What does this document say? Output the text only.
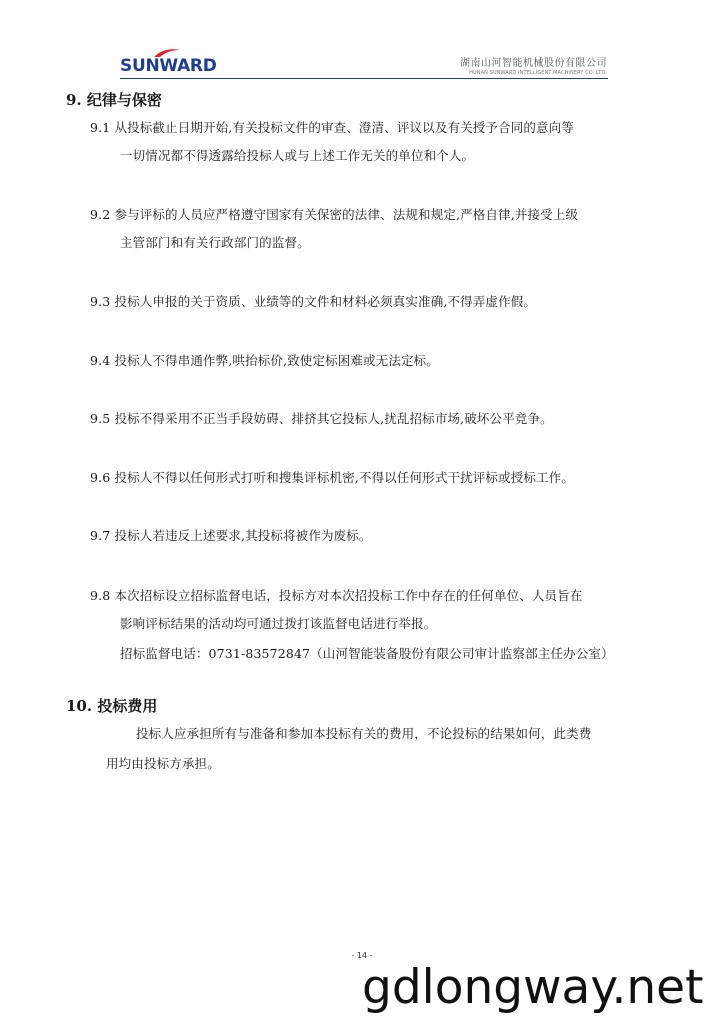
SUNWARD	湖南山河智能机械股份有限公司
HUNAN SUNWARD INTELLIGENT MACHINERY CO.,LTD.
9. 纪律与保密
9.1 从投标截止日期开始,有关投标文件的审查、澄清、评议以及有关授予合同的意向等
一切情况都不得透露给投标人或与上述工作无关的单位和个人。
9.2 参与评标的人员应严格遵守国家有关保密的法律、法规和规定,严格自律,并接受上级
主管部门和有关行政部门的监督。
9.3 投标人申报的关于资质、业绩等的文件和材料必须真实准确,不得弄虚作假。
9.4 投标人不得串通作弊,哄抬标价,致使定标困难或无法定标。
9.5 投标不得采用不正当手段妨碍、排挤其它投标人,扰乱招标市场,破坏公平竞争。
9.6 投标人不得以任何形式打听和搜集评标机密,不得以任何形式干扰评标或授标工作。
9.7 投标人若违反上述要求,其投标将被作为废标。
9.8 本次招标设立招标监督电话，投标方对本次招投标工作中存在的任何单位、人员旨在
影响评标结果的活动均可通过拨打该监督电话进行举报。
招标监督电话：0731-83572847（山河智能装备股份有限公司审计监察部主任办公室）
10. 投标费用
投标人应承担所有与准备和参加本投标有关的费用，不论投标的结果如何，此类费
用均由投标方承担。
- 14 -
gdlongway.net
